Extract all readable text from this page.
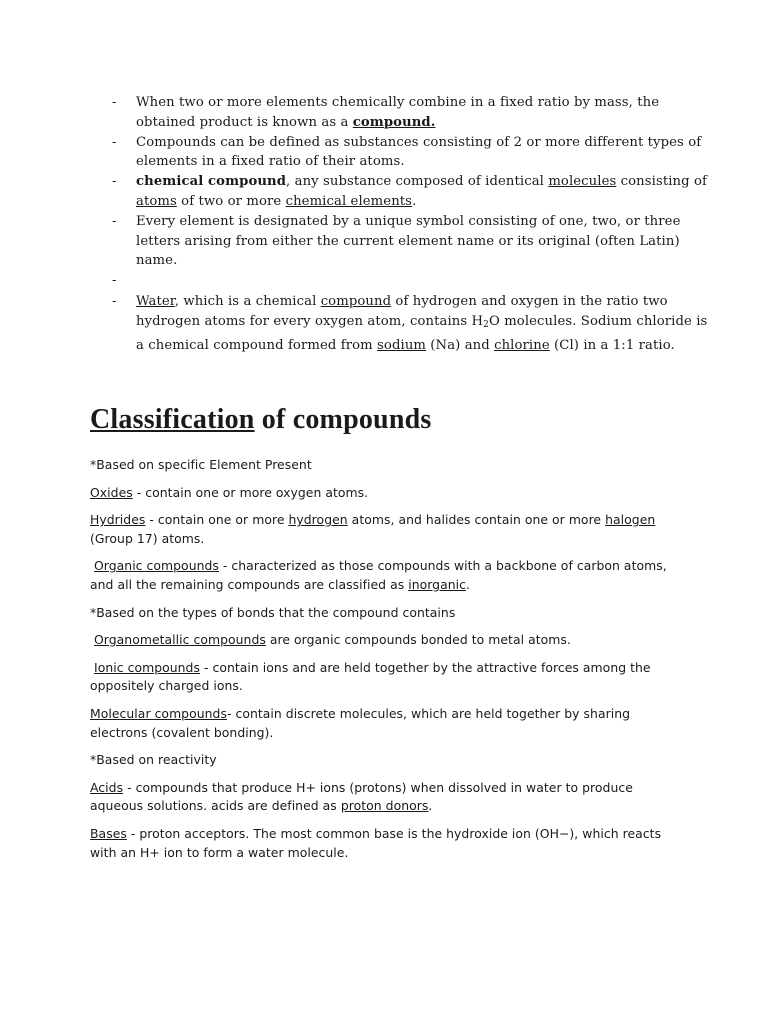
- When two or more elements chemically combine in a fixed ratio by mass, the obtained product is known as a compound.
- Compounds can be defined as substances consisting of 2 or more different types of elements in a fixed ratio of their atoms.
- chemical compound, any substance composed of identical molecules consisting of atoms of two or more chemical elements.
- Every element is designated by a unique symbol consisting of one, two, or three letters arising from either the current element name or its original (often Latin) name.
-
- Water, which is a chemical compound of hydrogen and oxygen in the ratio two hydrogen atoms for every oxygen atom, contains $H_2O$ molecules. Sodium chloride is a chemical compound formed from sodium (Na) and chlorine (Cl) in a 1:1 ratio.
Classification of compounds

*Based on specific Element Present

Oxides - contain one or more oxygen atoms.

Hydrides - contain one or more hydrogen atoms, and halides contain one or more halogen (Group 17) atoms.

Organic compounds - characterized as those compounds with a backbone of carbon atoms, and all the remaining compounds are classified as inorganic.

*Based on the types of bonds that the compound contains

Organometallic compounds are organic compounds bonded to metal atoms.

Ionic compounds - contain ions and are held together by the attractive forces among the oppositely charged ions.

Molecular compounds- contain discrete molecules, which are held together by sharing electrons (covalent bonding).

*Based on reactivity

Acids - compounds that produce H+ ions (protons) when dissolved in water to produce aqueous solutions. acids are defined as proton donors.

Bases - proton acceptors. The most common base is the hydroxide ion (OH−), which reacts with an H+ ion to form a water molecule.
